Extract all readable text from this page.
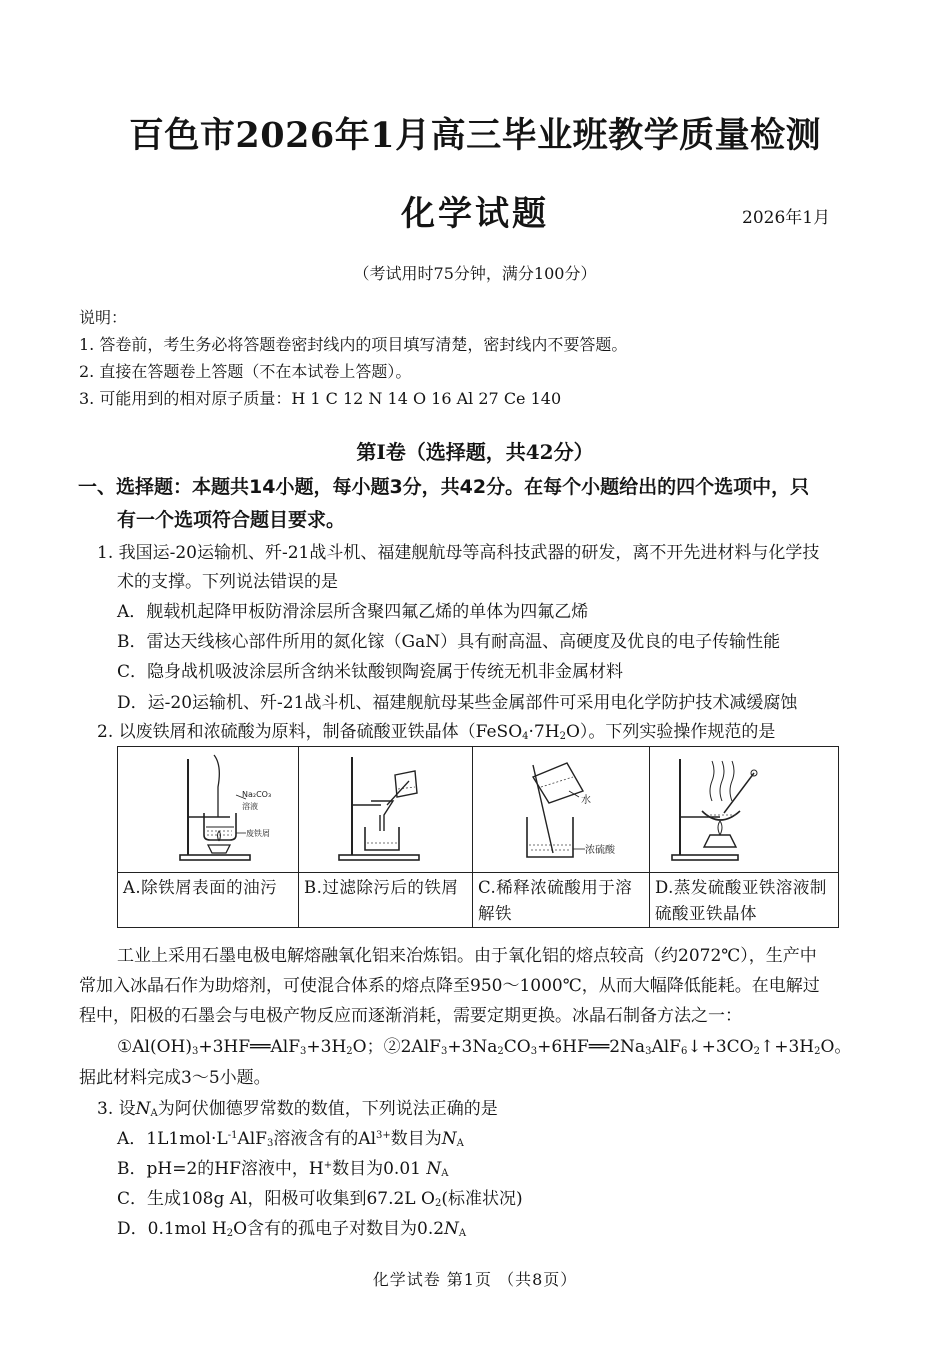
百色市2026年1月高三毕业班教学质量检测
化学试题	2026年1月
（考试用时75分钟，满分100分）
说明：
1. 答卷前，考生务必将答题卷密封线内的项目填写清楚，密封线内不要答题。
2. 直接在答题卷上答题（不在本试卷上答题）。
3. 可能用到的相对原子质量：H 1 C 12 N 14 O 16 Al 27 Ce 140
第Ⅰ卷（选择题，共42分）
一、选择题：本题共14小题，每小题3分，共42分。在每个小题给出的四个选项中，只
有一个选项符合题目要求。
1. 我国运-20运输机、歼-21战斗机、福建舰航母等高科技武器的研发，离不开先进材料与化学技
术的支撑。下列说法错误的是
A．舰载机起降甲板防滑涂层所含聚四氟乙烯的单体为四氟乙烯
B．雷达天线核心部件所用的氮化镓（GaN）具有耐高温、高硬度及优良的电子传输性能
C．隐身战机吸波涂层所含纳米钛酸钡陶瓷属于传统无机非金属材料
D．运-20运输机、歼-21战斗机、福建舰航母某些金属部件可采用电化学防护技术减缓腐蚀
2. 以废铁屑和浓硫酸为原料，制备硫酸亚铁晶体$(FeSO_4\cdot 7H_2O)$。下列实验操作规范的是
Na₂CO₃
溶液
废铁屑
A.除铁屑表面的油污	B.过滤除污后的铁屑
水
浓硫酸
C.稀释浓硫酸用于溶解铁
D.蒸发硫酸亚铁溶液制硫酸亚铁晶体
工业上采用石墨电极电解熔融氧化铝来冶炼铝。由于氧化铝的熔点较高（约2072℃），生产中
常加入冰晶石作为助熔剂，可使混合体系的熔点降至950～1000℃，从而大幅降低能耗。在电解过
程中，阳极的石墨会与电极产物反应而逐渐消耗，需要定期更换。冰晶石制备方法之一：
$①Al(OH)_3+3HF══AlF_3+3H_2O$；$②2AlF_3+3Na_2CO_3+6HF══2Na_3AlF_6↓+3CO_2↑+3H_2O$。
据此材料完成3～5小题。
3. 设$N_A$为阿伏伽德罗常数的数值，下列说法正确的是
A．$1L1mol\cdot L^{-1}AlF_3$溶液含有的$Al^{3+}$数目为$N_A$
B．pH=2的HF溶液中，H+数目为0.01 $N_A$
C．生成108g Al，阳极可收集到67.2L $O_2$(标准状况)
D．0.1mol $H_2O$含有的孤电子对数目为$0.2N_A$
化学试卷 第1页 （共8页）
